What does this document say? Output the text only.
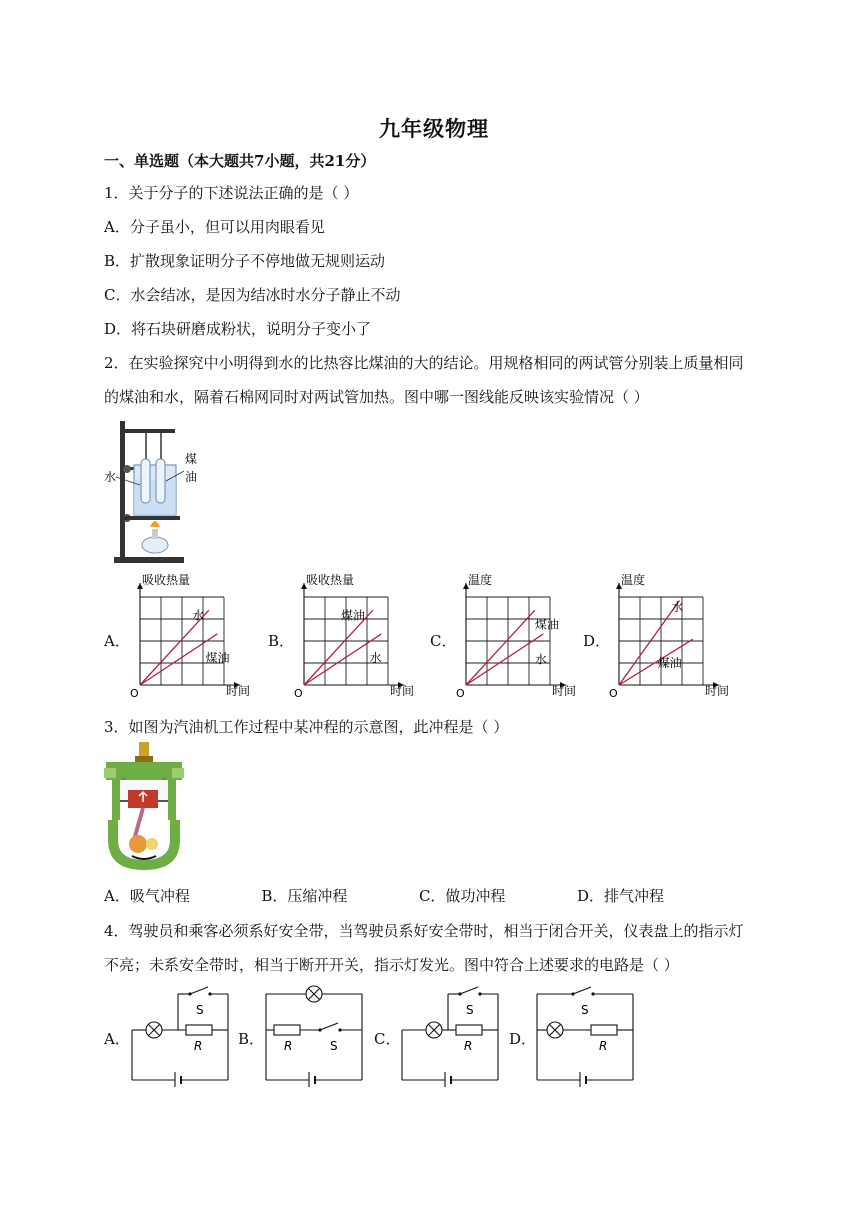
九年级物理
一、单选题（本大题共7小题，共21分）
1．关于分子的下述说法正确的是（ ）
A．分子虽小，但可以用肉眼看见
B．扩散现象证明分子不停地做无规则运动
C．水会结冰，是因为结冰时水分子静止不动
D．将石块研磨成粉状，说明分子变小了
2．在实验探究中小明得到水的比热容比煤油的大的结论。用规格相同的两试管分别装上质量相同
的煤油和水，隔着石棉网同时对两试管加热。图中哪一图线能反映该实验情况（ ）
水
煤
油
A．
吸收热量
时间
O
水
煤油
B．
吸收热量
时间
O
煤油
水
C．
温度
时间
O
煤油
水
D．
温度
时间
O
水
煤油
3．如图为汽油机工作过程中某冲程的示意图，此冲程是（ ）
A．吸气冲程	B．压缩冲程	C．做功冲程	D．排气冲程
4．驾驶员和乘客必须系好安全带，当驾驶员系好安全带时，相当于闭合开关，仪表盘上的指示灯
不亮；未系安全带时，相当于断开开关，指示灯发光。图中符合上述要求的电路是（ ）
A．
S
R B． R	S C．
S
R D．
S
R
